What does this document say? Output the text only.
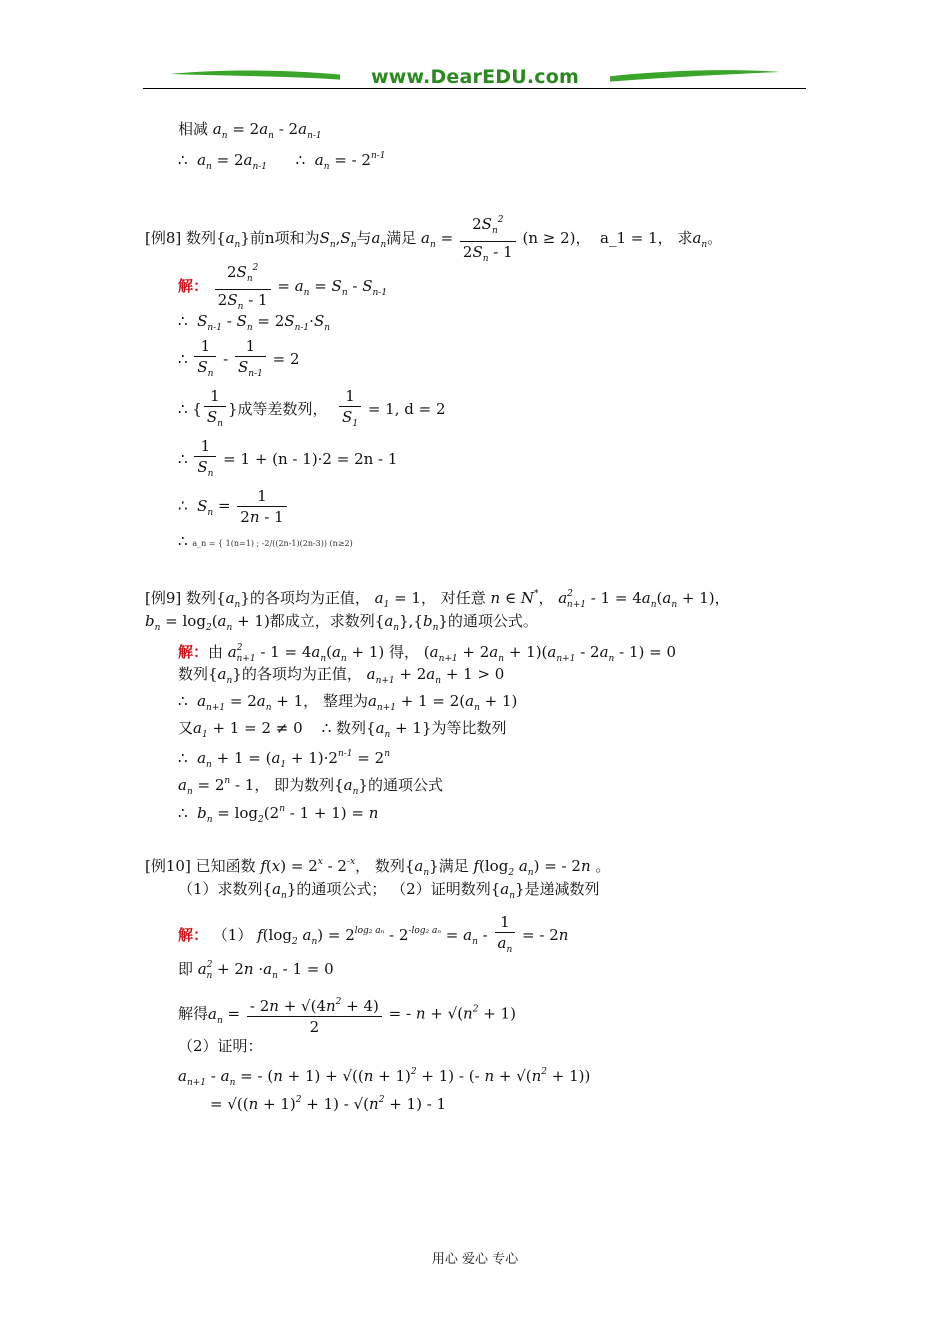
www.DearEDU.com
相减 $a_n = 2a_n - 2a_{n-1}$
∴ $a_n = 2a_{n-1}$      ∴  $a_n$ = - 2$^{n-1}$
[例8] 数列$\{a_n\}$前n项和为$S_n,S_n$与$a_n$满足 $a_n = \frac{2S_n^2}{2S_n - 1} (n \ge 2)$， a_1 = 1， 求$a_n$。
解： $\frac{2S_n^2}{2S_n - 1} = a_n = S_n - S_{n-1}$
∴  $S_{n-1} - S_n = 2S_{n-1}\cdot S_n$
∴ $\frac{1}{S_n} - \frac{1}{S_{n-1}} = 2$
∴ { $\frac{1}{S_n}$ }成等差数列， $\frac{1}{S_1} = 1$, d = 2
∴ $\frac{1}{S_n} = 1 + (n - 1)\cdot 2 = 2n - 1$
∴  $S_n = \frac{1}{2n - 1}$
∴ a_n = { 1(n=1) ; -2/((2n-1)(2n-3)) (n≥2)
[例9] 数列$\{a_n\}$的各项均为正值， $a_1 = 1$， 对任意 n ∈ N*， $a^2_{n+1} - 1 = 4a_n(a_n + 1)$，
$b_n = \log_2(a_n + 1)$都成立，求数列$\{a_n\},\{b_n\}$的通项公式。
解：由 $a^2_{n+1} - 1 = 4a_n(a_n + 1)$ 得， $(a_{n+1} + 2a_n + 1)(a_{n+1} - 2a_n - 1) = 0$
数列$\{a_n\}$的各项均为正值， $a_{n+1} + 2a_n + 1 > 0$
∴  $a_{n+1} = 2a_n + 1$， 整理为$a_{n+1} + 1 = 2(a_n + 1)$
又$a_1 + 1 = 2 \ne 0$    ∴ 数列$\{a_n + 1\}$为等比数列
∴  $a_n + 1 = (a_1 + 1)\cdot 2^{n-1} = 2^n$
$a_n = 2^n - 1$， 即为数列$\{a_n\}$的通项公式
∴  $b_n = \log_2(2^n - 1 + 1) = n$
[例10] 已知函数 $f(x) = 2^x - 2^{-x}$， 数列$\{a_n\}$满足 $f(\log_2$ $a_n$) = - 2n 。
（1）求数列$\{a_n\}$的通项公式； （2）证明数列$\{a_n\}$是递减数列
解： （1） $f(\log_2$ $a_n) = 2^{log_2 a_n} - 2^{-log_2 a_n} = a_n - \frac{1}{a_n}$ = - 2n
即 $a^2_n + 2n \cdot a_n - 1 = 0$
解得$a_n = \frac{- 2n + √(4n^2 + 4)}{2}$ = - $n + √(n^2 + 1)$
（2）证明：
$a_{n+1} - a_n$ = - $(n + 1) + √((n + 1)^2 + 1)$ - (- $n + √(n^2 + 1)$)
= $√((n + 1)^2 + 1) - √(n^2 + 1) - 1$
用心 爱心 专心
